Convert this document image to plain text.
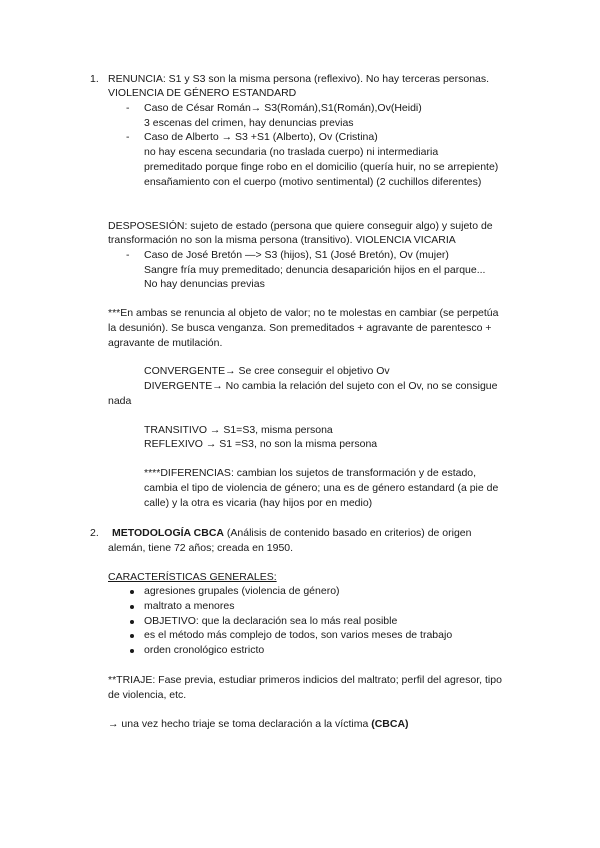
1. RENUNCIA: S1 y S3 son la misma persona (reflexivo). No hay terceras personas.
VIOLENCIA DE GÉNERO ESTANDARD
- Caso de César Román→ S3(Román),S1(Román),Ov(Heidi)
3 escenas del crimen, hay denuncias previas
- Caso de Alberto → S3 +S1 (Alberto), Ov (Cristina)
no hay escena secundaria (no traslada cuerpo) ni intermediaria
premeditado porque finge robo en el domicilio (quería huir, no se arrepiente)
ensañamiento con el cuerpo (motivo sentimental) (2 cuchillos diferentes)
DESPOSESIÓN: sujeto de estado (persona que quiere conseguir algo) y sujeto de
transformación no son la misma persona (transitivo). VIOLENCIA VICARIA
- Caso de José Bretón —> S3 (hijos), S1 (José Bretón), Ov (mujer)
Sangre fría muy premeditado; denuncia desaparición hijos en el parque...
No hay denuncias previas
***En ambas se renuncia al objeto de valor; no te molestas en cambiar (se perpetúa
la desunión). Se busca venganza. Son premeditados + agravante de parentesco +
agravante de mutilación.
CONVERGENTE→ Se cree conseguir el objetivo Ov
DIVERGENTE→ No cambia la relación del sujeto con el Ov, no se consigue
nada
TRANSITIVO → S1=S3, misma persona
REFLEXIVO → S1 =S3, no son la misma persona
****DIFERENCIAS: cambian los sujetos de transformación y de estado,
cambia el tipo de violencia de género; una es de género estandard (a pie de
calle) y la otra es vicaria (hay hijos por en medio)
2. METODOLOGÍA CBCA (Análisis de contenido basado en criterios) de origen
alemán, tiene 72 años; creada en 1950.
CARACTERÍSTICAS GENERALES:
agresiones grupales (violencia de género)
maltrato a menores
OBJETIVO: que la declaración sea lo más real posible
es el método más complejo de todos, son varios meses de trabajo
orden cronológico estricto
**TRIAJE: Fase previa, estudiar primeros indicios del maltrato; perfil del agresor, tipo
de violencia, etc.
→ una vez hecho triaje se toma declaración a la víctima (CBCA)
